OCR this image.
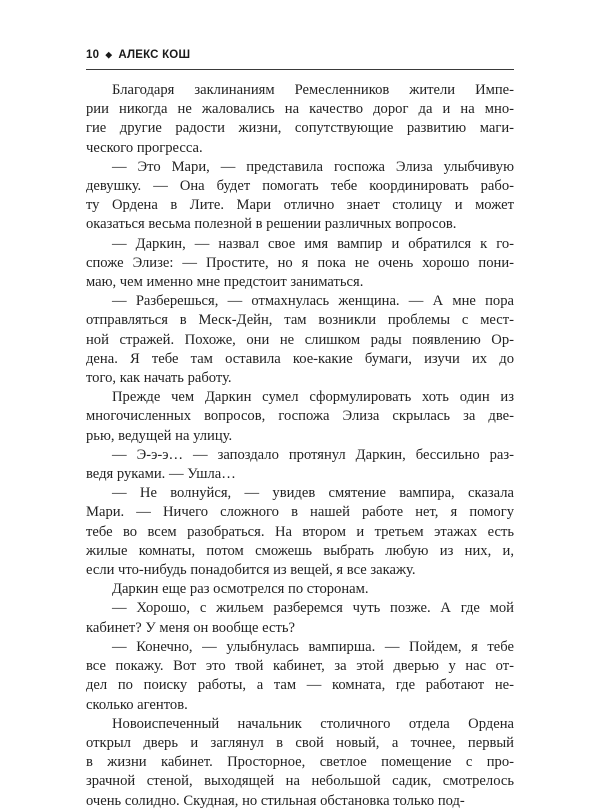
10 ◆ АЛЕКС КОШ
Благодаря заклинаниям Ремесленников жители Импе-
рии никогда не жаловались на качество дорог да и на мно-
гие другие радости жизни, сопутствующие развитию маги-
ческого прогресса.
— Это Мари, — представила госпожа Элиза улыбчивую
девушку. — Она будет помогать тебе координировать рабо-
ту Ордена в Лите. Мари отлично знает столицу и может
оказаться весьма полезной в решении различных вопросов.
— Даркин, — назвал свое имя вампир и обратился к го-
споже Элизе: — Простите, но я пока не очень хорошо пони-
маю, чем именно мне предстоит заниматься.
— Разберешься, — отмахнулась женщина. — А мне пора
отправляться в Меск-Дейн, там возникли проблемы с мест-
ной стражей. Похоже, они не слишком рады появлению Ор-
дена. Я тебе там оставила кое-какие бумаги, изучи их до
того, как начать работу.
Прежде чем Даркин сумел сформулировать хоть один из
многочисленных вопросов, госпожа Элиза скрылась за две-
рью, ведущей на улицу.
— Э-э-э… — запоздало протянул Даркин, бессильно раз-
ведя руками. — Ушла…
— Не волнуйся, — увидев смятение вампира, сказала
Мари. — Ничего сложного в нашей работе нет, я помогу
тебе во всем разобраться. На втором и третьем этажах есть
жилые комнаты, потом сможешь выбрать любую из них, и,
если что-нибудь понадобится из вещей, я все закажу.
Даркин еще раз осмотрелся по сторонам.
— Хорошо, с жильем разберемся чуть позже. А где мой
кабинет? У меня он вообще есть?
— Конечно, — улыбнулась вампирша. — Пойдем, я тебе
все покажу. Вот это твой кабинет, за этой дверью у нас от-
дел по поиску работы, а там — комната, где работают не-
сколько агентов.
Новоиспеченный начальник столичного отдела Ордена
открыл дверь и заглянул в свой новый, а точнее, первый
в жизни кабинет. Просторное, светлое помещение с про-
зрачной стеной, выходящей на небольшой садик, смотрелось
очень солидно. Скудная, но стильная обстановка только под-
